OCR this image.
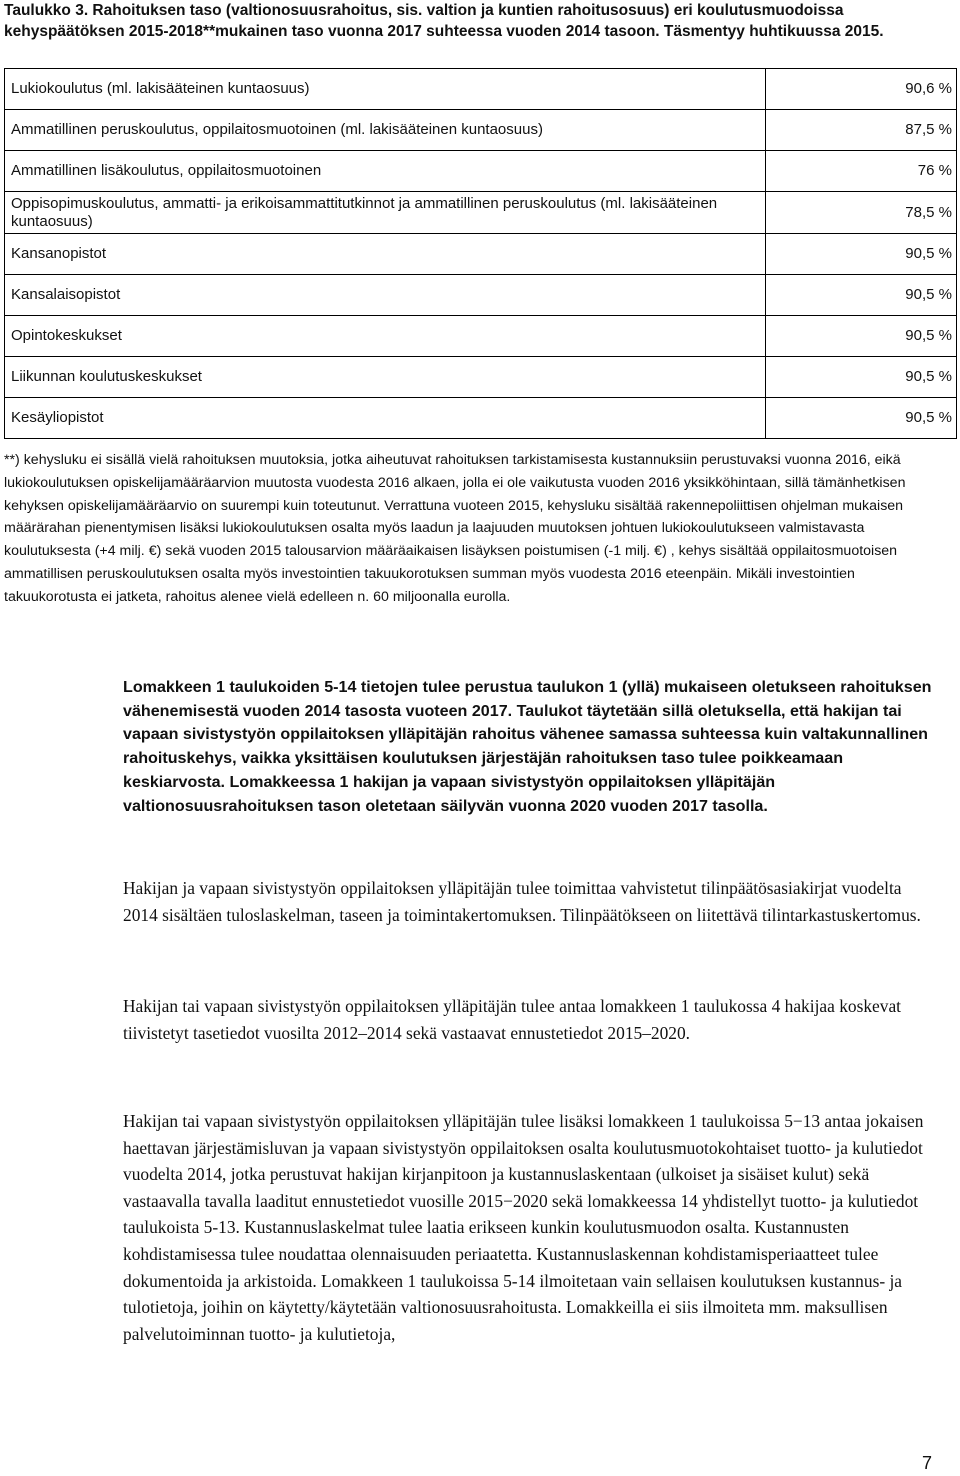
Taulukko 3. Rahoituksen taso (valtionosuusrahoitus, sis. valtion ja kuntien rahoitusosuus) eri koulutusmuodoissa kehyspäätöksen 2015-2018**mukainen taso vuonna 2017 suhteessa vuoden 2014 tasoon. Täsmentyy huhtikuussa 2015.

Lukiokoulutus (ml. lakisääteinen kuntaosuus)	90,6 %
Ammatillinen peruskoulutus, oppilaitosmuotoinen (ml. lakisääteinen kuntaosuus)	87,5 %
Ammatillinen lisäkoulutus, oppilaitosmuotoinen	76 %
Oppisopimuskoulutus, ammatti- ja erikoisammattitutkinnot ja ammatillinen peruskoulutus (ml. lakisääteinen kuntaosuus)	78,5 %
Kansanopistot	90,5 %
Kansalaisopistot	90,5 %
Opintokeskukset	90,5 %
Liikunnan koulutuskeskukset	90,5 %
Kesäyliopistot	90,5 %

**) kehysluku ei sisällä vielä rahoituksen muutoksia, jotka aiheutuvat rahoituksen tarkistamisesta kustannuksiin perustuvaksi vuonna 2016, eikä lukiokoulutuksen opiskelijamääräarvion muutosta vuodesta 2016 alkaen, jolla ei ole vaikutusta vuoden 2016 yksikköhintaan, sillä tämänhetkisen kehyksen opiskelijamääräarvio on suurempi kuin toteutunut. Verrattuna vuoteen 2015, kehysluku sisältää rakennepoliittisen ohjelman mukaisen määrärahan pienentymisen lisäksi lukiokoulutuksen osalta myös laadun ja laajuuden muutoksen johtuen lukiokoulutukseen valmistavasta koulutuksesta (+4 milj. €) sekä vuoden 2015 talousarvion määräaikaisen lisäyksen poistumisen (-1 milj. €) , kehys sisältää oppilaitosmuotoisen ammatillisen peruskoulutuksen osalta myös investointien takuukorotuksen summan myös vuodesta 2016 eteenpäin. Mikäli investointien takuukorotusta ei jatketa, rahoitus alenee vielä edelleen n. 60 miljoonalla eurolla.

Lomakkeen 1 taulukoiden 5-14 tietojen tulee perustua taulukon 1 (yllä) mukaiseen oletukseen rahoituksen vähenemisestä vuoden 2014 tasosta vuoteen 2017. Taulukot täytetään sillä oletuksella, että hakijan tai vapaan sivistystyön oppilaitoksen ylläpitäjän rahoitus vähenee samassa suhteessa kuin valtakunnallinen rahoituskehys, vaikka yksittäisen koulutuksen järjestäjän rahoituksen taso tulee poikkeamaan keskiarvosta. Lomakkeessa 1 hakijan ja vapaan sivistystyön oppilaitoksen ylläpitäjän valtionosuusrahoituksen tason oletetaan säilyvän vuonna 2020 vuoden 2017 tasolla.

Hakijan ja vapaan sivistystyön oppilaitoksen ylläpitäjän tulee toimittaa vahvistetut tilinpäätösasiakirjat vuodelta 2014 sisältäen tuloslaskelman, taseen ja toimintakertomuksen. Tilinpäätökseen on liitettävä tilintarkastuskertomus.

Hakijan tai vapaan sivistystyön oppilaitoksen ylläpitäjän tulee antaa lomakkeen 1 taulukossa 4 hakijaa koskevat tiivistetyt tasetiedot vuosilta 2012–2014 sekä vastaavat ennustetiedot 2015–2020.

Hakijan tai vapaan sivistystyön oppilaitoksen ylläpitäjän tulee lisäksi lomakkeen 1 taulukoissa 5−13 antaa jokaisen haettavan järjestämisluvan ja vapaan sivistystyön oppilaitoksen osalta koulutusmuotokohtaiset tuotto- ja kulutiedot vuodelta 2014, jotka perustuvat hakijan kirjanpitoon ja kustannuslaskentaan (ulkoiset ja sisäiset kulut) sekä vastaavalla tavalla laaditut ennustetiedot vuosille 2015−2020 sekä lomakkeessa 14 yhdistellyt tuotto- ja kulutiedot taulukoista 5-13. Kustannuslaskelmat tulee laatia erikseen kunkin koulutusmuodon osalta. Kustannusten kohdistamisessa tulee noudattaa olennaisuuden periaatetta. Kustannuslaskennan kohdistamisperiaatteet tulee dokumentoida ja arkistoida. Lomakkeen 1 taulukoissa 5-14 ilmoitetaan vain sellaisen koulutuksen kustannus- ja tulotietoja, joihin on käytetty/käytetään valtionosuusrahoitusta. Lomakkeilla ei siis ilmoiteta mm. maksullisen palvelutoiminnan tuotto- ja kulutietoja,

7
